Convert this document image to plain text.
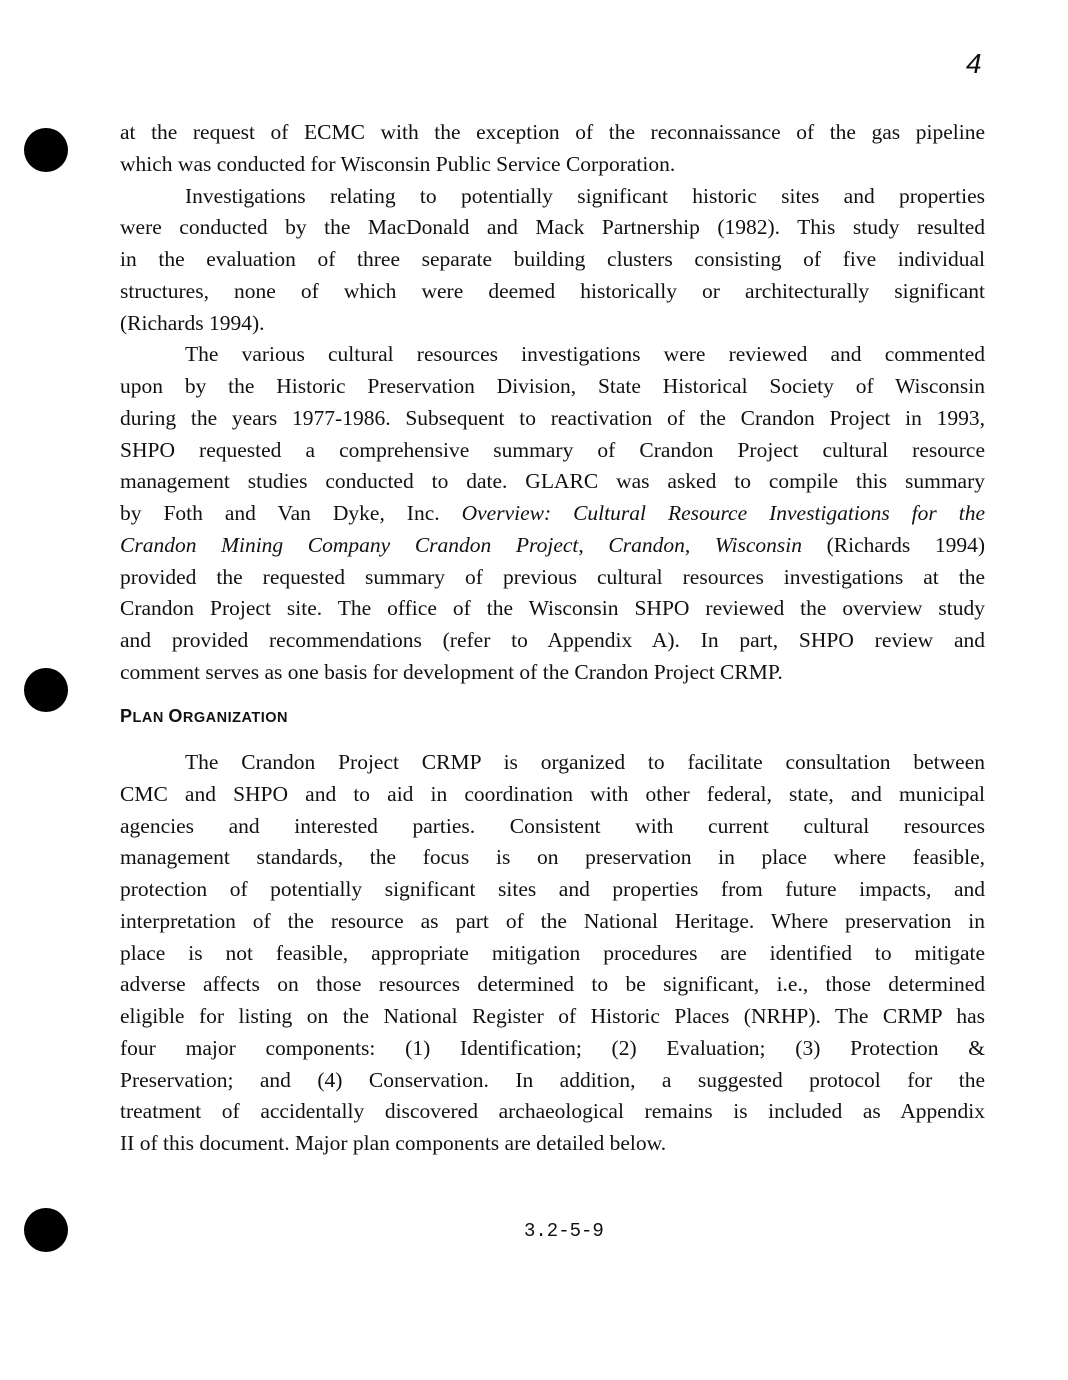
4
at the request of ECMC with the exception of the reconnaissance of the gas pipeline
which was conducted for Wisconsin Public Service Corporation.
Investigations relating to potentially significant historic sites and properties
were conducted by the MacDonald and Mack Partnership (1982). This study resulted
in the evaluation of three separate building clusters consisting of five individual
structures, none of which were deemed historically or architecturally significant
(Richards 1994).
The various cultural resources investigations were reviewed and commented
upon by the Historic Preservation Division, State Historical Society of Wisconsin
during the years 1977-1986. Subsequent to reactivation of the Crandon Project in 1993,
SHPO requested a comprehensive summary of Crandon Project cultural resource
management studies conducted to date. GLARC was asked to compile this summary
by Foth and Van Dyke, Inc. Overview: Cultural Resource Investigations for the
Crandon Mining Company Crandon Project, Crandon, Wisconsin (Richards 1994)
provided the requested summary of previous cultural resources investigations at the
Crandon Project site. The office of the Wisconsin SHPO reviewed the overview study
and provided recommendations (refer to Appendix A). In part, SHPO review and
comment serves as one basis for development of the Crandon Project CRMP.
PLAN ORGANIZATION
The Crandon Project CRMP is organized to facilitate consultation between
CMC and SHPO and to aid in coordination with other federal, state, and municipal
agencies and interested parties. Consistent with current cultural resources
management standards, the focus is on preservation in place where feasible,
protection of potentially significant sites and properties from future impacts, and
interpretation of the resource as part of the National Heritage. Where preservation in
place is not feasible, appropriate mitigation procedures are identified to mitigate
adverse affects on those resources determined to be significant, i.e., those determined
eligible for listing on the National Register of Historic Places (NRHP). The CRMP has
four major components: (1) Identification; (2) Evaluation; (3) Protection &
Preservation; and (4) Conservation. In addition, a suggested protocol for the
treatment of accidentally discovered archaeological remains is included as Appendix
II of this document. Major plan components are detailed below.
3.2-5-9
